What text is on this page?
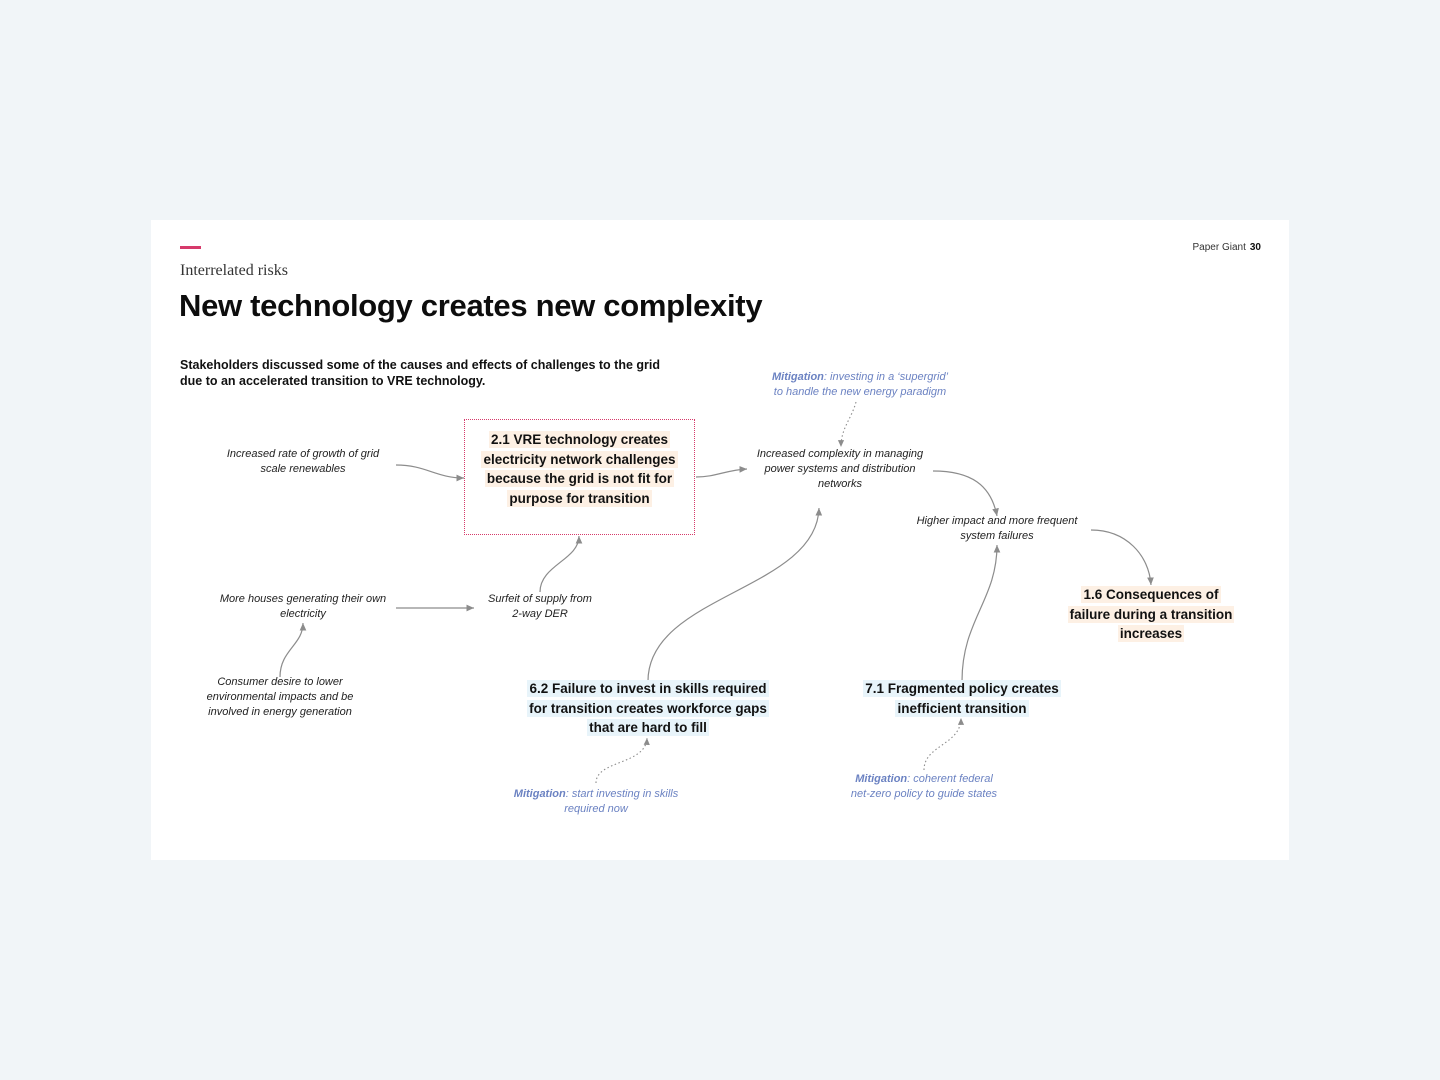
Paper Giant 30
Interrelated risks
New technology creates new complexity
Stakeholders discussed some of the causes and effects of challenges to the grid
due to an accelerated transition to VRE technology.
Increased rate of growth of grid
scale renewables
2.1 VRE technology creates
electricity network challenges
because the grid is not fit for
purpose for transition
More houses generating their own
electricity
Consumer desire to lower
environmental impacts and be
involved in energy generation
Surfeit of supply from
2-way DER
Mitigation: investing in a ‘supergrid’
to handle the new energy paradigm
Increased complexity in managing
power systems and distribution
networks
Higher impact and more frequent
system failures
1.6 Consequences of
failure during a transition
increases
6.2 Failure to invest in skills required
for transition creates workforce gaps
that are hard to fill
7.1 Fragmented policy creates
inefficient transition
Mitigation: start investing in skills
required now
Mitigation: coherent federal
net-zero policy to guide states
